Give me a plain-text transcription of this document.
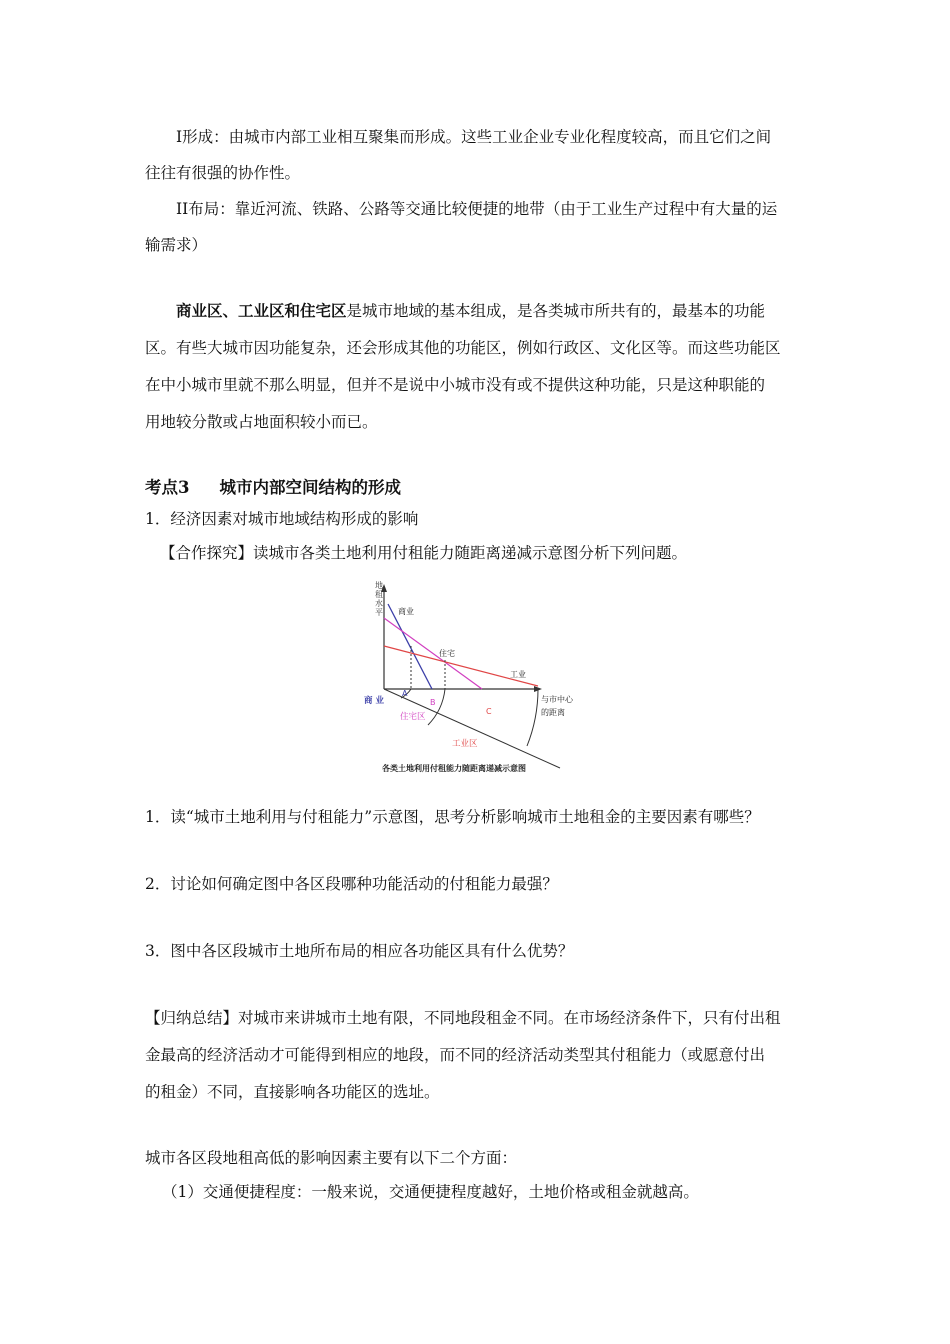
I形成：由城市内部工业相互聚集而形成。这些工业企业专业化程度较高，而且它们之间
往往有很强的协作性。
II布局：靠近河流、铁路、公路等交通比较便捷的地带（由于工业生产过程中有大量的运
输需求）
商业区、工业区和住宅区是城市地域的基本组成，是各类城市所共有的，最基本的功能
区。有些大城市因功能复杂，还会形成其他的功能区，例如行政区、文化区等。而这些功能区
在中小城市里就不那么明显，但并不是说中小城市没有或不提供这种功能，只是这种职能的
用地较分散或占地面积较小而已。
考点3 城市内部空间结构的形成
1．经济因素对城市地域结构形成的影响
【合作探究】读城市各类土地利用付租能力随距离递减示意图分析下列问题。
地
租
水
平 商业
住宅
工业
与市中心
的距离
A
B
C
商 业
住宅区
工业区
各类土地利用付租能力随距离递减示意图
1．读“城市土地利用与付租能力”示意图，思考分析影响城市土地租金的主要因素有哪些？
2．讨论如何确定图中各区段哪种功能活动的付租能力最强？
3．图中各区段城市土地所布局的相应各功能区具有什么优势？
【归纳总结】对城市来讲城市土地有限，不同地段租金不同。在市场经济条件下，只有付出租
金最高的经济活动才可能得到相应的地段，而不同的经济活动类型其付租能力（或愿意付出
的租金）不同，直接影响各功能区的选址。
城市各区段地租高低的影响因素主要有以下二个方面：
（1）交通便捷程度：一般来说，交通便捷程度越好，土地价格或租金就越高。
